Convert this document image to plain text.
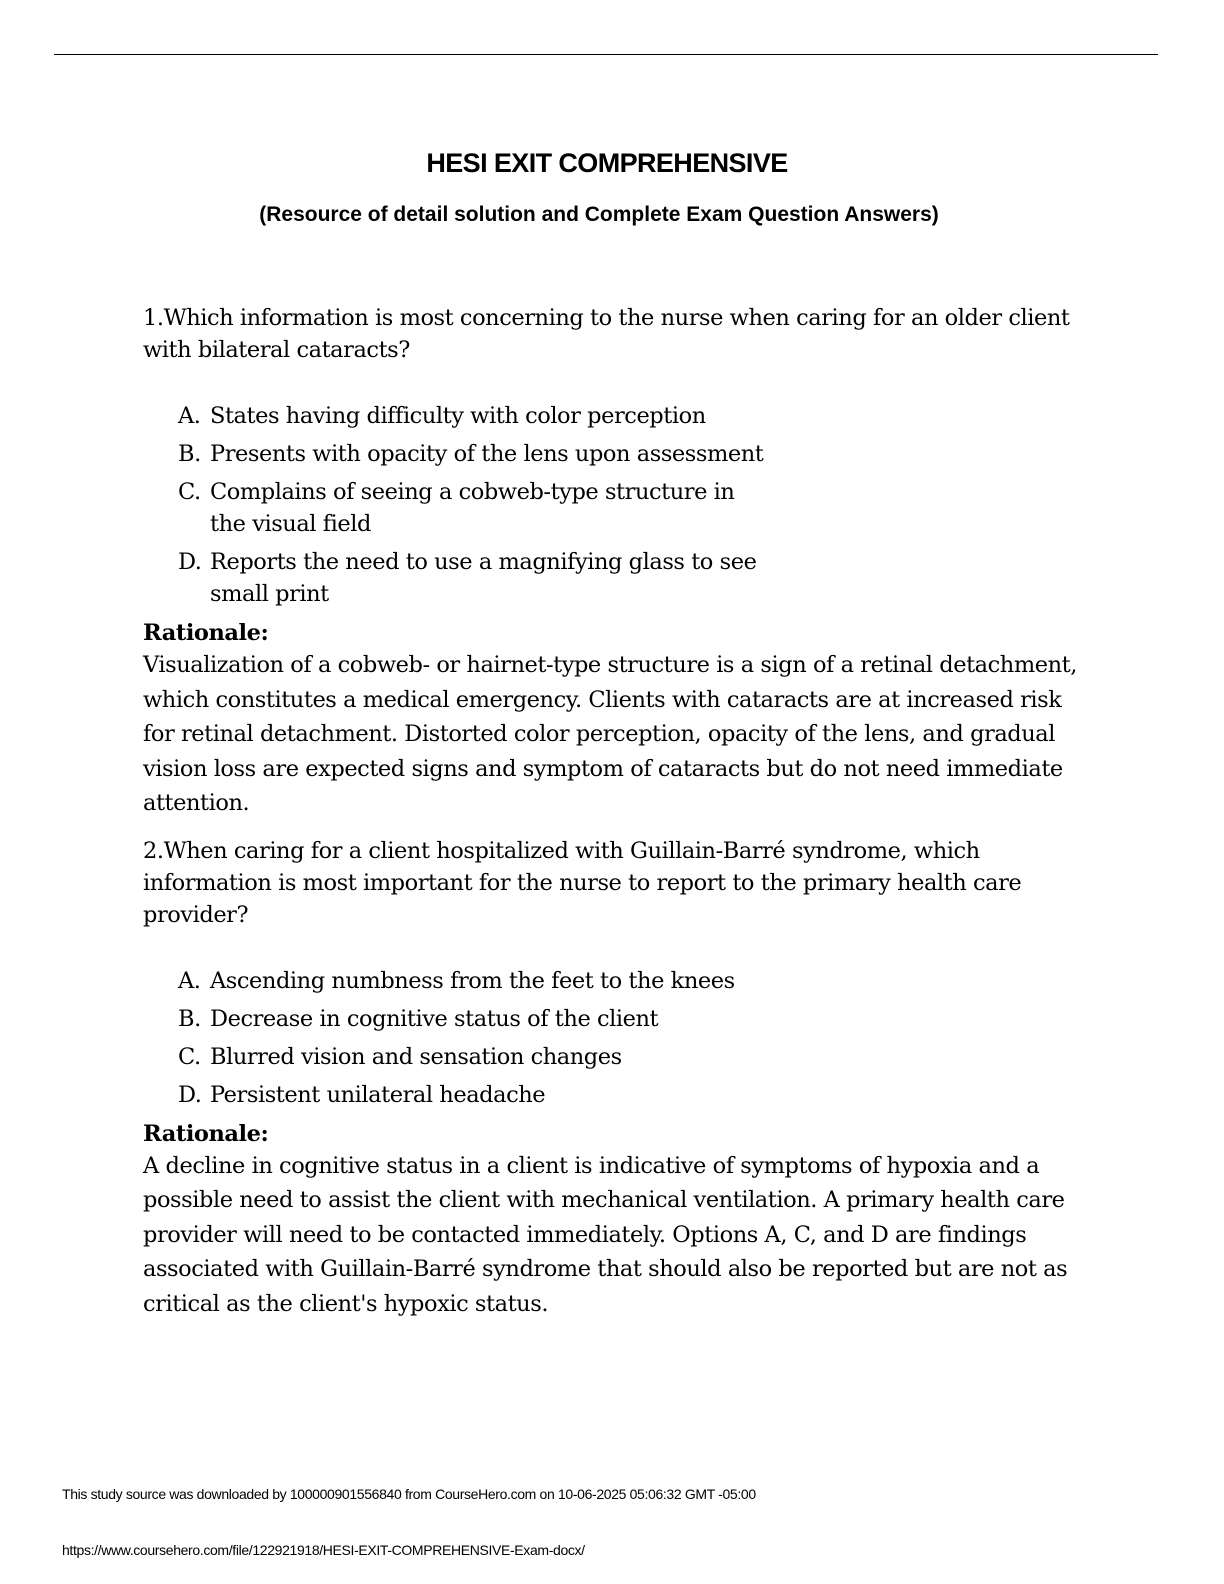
HESI EXIT COMPREHENSIVE

(Resource of detail solution and Complete Exam Question Answers)

1.Which information is most concerning to the nurse when caring for an older client with bilateral cataracts?

A. States having difficulty with color perception
B. Presents with opacity of the lens upon assessment
C. Complains of seeing a cobweb-type structure in the visual field
D. Reports the need to use a magnifying glass to see small print

Rationale:

Visualization of a cobweb- or hairnet-type structure is a sign of a retinal detachment, which constitutes a medical emergency. Clients with cataracts are at increased risk for retinal detachment. Distorted color perception, opacity of the lens, and gradual vision loss are expected signs and symptom of cataracts but do not need immediate attention.

2.When caring for a client hospitalized with Guillain-Barré syndrome, which information is most important for the nurse to report to the primary health care provider?

A. Ascending numbness from the feet to the knees
B. Decrease in cognitive status of the client
C. Blurred vision and sensation changes
D. Persistent unilateral headache

Rationale:

A decline in cognitive status in a client is indicative of symptoms of hypoxia and a possible need to assist the client with mechanical ventilation. A primary health care provider will need to be contacted immediately. Options A, C, and D are findings associated with Guillain-Barré syndrome that should also be reported but are not as critical as the client's hypoxic status.

This study source was downloaded by 100000901556840 from CourseHero.com on 10-06-2025 05:06:32 GMT -05:00

https://www.coursehero.com/file/122921918/HESI-EXIT-COMPREHENSIVE-Exam-docx/
